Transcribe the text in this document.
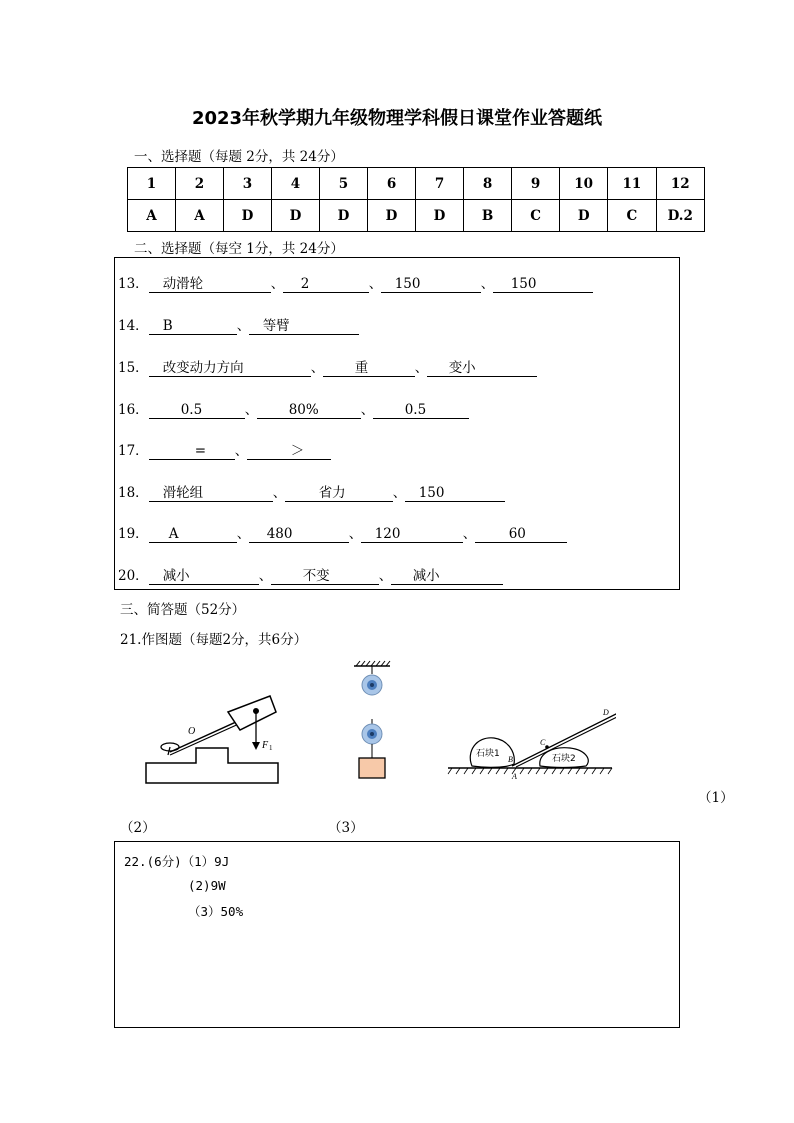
2023年秋学期九年级物理学科假日课堂作业答题纸
一、选择题（每题 2分，共 24分）
1	2	3	4	5	6	7	8	9	10	11	12
A	A	D	D	D	D	D	B	C	D	C	D.2
二、选择题（每空 1分，共 24分）
13． 动滑轮	、 2	、 150	、 150
14． B	、 等臂
15． 改变动力方向	、 重	、 变小
16． 0.5	、 80%	、 0.5
17．	= 、	＞
18． 滑轮组	、 省力	、 150
19． A	、 480	、 120	、 60
20． 减小	、 不变	、 减小
三、简答题（52分）
21.作图题（每题2分，共6分）
O
F 1
石块1	石块2
A
B
C
D
（1）
（2）	（3）
22.(6分)（1）9J
(2)9W
（3）50%
